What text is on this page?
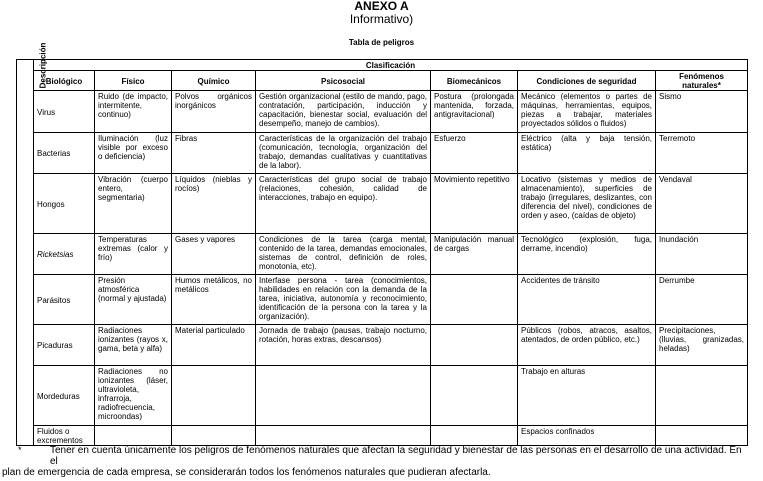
ANEXO A
Informativo)
Tabla de peligros
Descripción	Clasificación						
	Biológico	Físico	Químico	Psicosocial	Biomecánicos	Condiciones de seguridad	Fenómenos naturales*
	Virus	Ruido (de impacto, intermitente, continuo)	Polvos orgánicos inorgánicos	Gestión organizacional (estilo de mando, pago, contratación, participación, inducción y capacitación, bienestar social, evaluación del desempeño, manejo de cambios).	Postura (prolongada mantenida, forzada, antigravitacional)	Mecánico (elementos o partes de máquinas, herramientas, equipos, piezas a trabajar, materiales proyectados sólidos o fluidos)	Sismo
	Bacterias	Iluminación (luz visible por exceso o deficiencia)	Fibras	Características de la organización del trabajo (comunicación, tecnología, organización del trabajo, demandas cualitativas y cuantitativas de la labor).	Esfuerzo	Eléctrico (alta y baja tensión, estática)	Terremoto
	Hongos	Vibración (cuerpo entero, segmentaria)	Líquidos (nieblas y rocíos)	Características del grupo social de trabajo (relaciones, cohesión, calidad de interacciones, trabajo en equipo).	Movimiento repetitivo	Locativo (sistemas y medios de almacenamiento), superficies de trabajo (irregulares, deslizantes, con diferencia del nivel), condiciones de orden y aseo, (caídas de objeto)	Vendaval
	Ricketsias	Temperaturas extremas (calor y frío)	Gases y vapores	Condiciones de la tarea (carga mental, contenido de la tarea, demandas emocionales, sistemas de control, definición de roles, monotonía, etc).	Manipulación manual de cargas	Tecnológico (explosión, fuga, derrame, incendio)	Inundación
	Parásitos	Presión atmosférica (normal y ajustada)	Humos metálicos, no metálicos	Interfase persona - tarea (conocimientos, habilidades en relación con la demanda de la tarea, iniciativa, autonomía y reconocimiento, identificación de la persona con la tarea y la organización).		Accidentes de tránsito	Derrumbe
	Picaduras	Radiaciones ionizantes (rayos x, gama, beta y alfa)	Material particulado	Jornada de trabajo (pausas, trabajo nocturno, rotación, horas extras, descansos)		Públicos (robos, atracos, asaltos, atentados, de orden público, etc.)	Precipitaciones, (lluvias, granizadas, heladas)
	Mordeduras	Radiaciones no ionizantes (láser, ultravioleta, infrarroja, radiofrecuencia, microondas)				Trabajo en alturas	
	Fluidos o excrementos					Espacios confinados	
*	Tener en cuenta únicamente los peligros de fenómenos naturales que afectan la seguridad y bienestar de las personas en el desarrollo de una actividad. En el
plan de emergencia de cada empresa, se considerarán todos los fenómenos naturales que pudieran afectarla.
